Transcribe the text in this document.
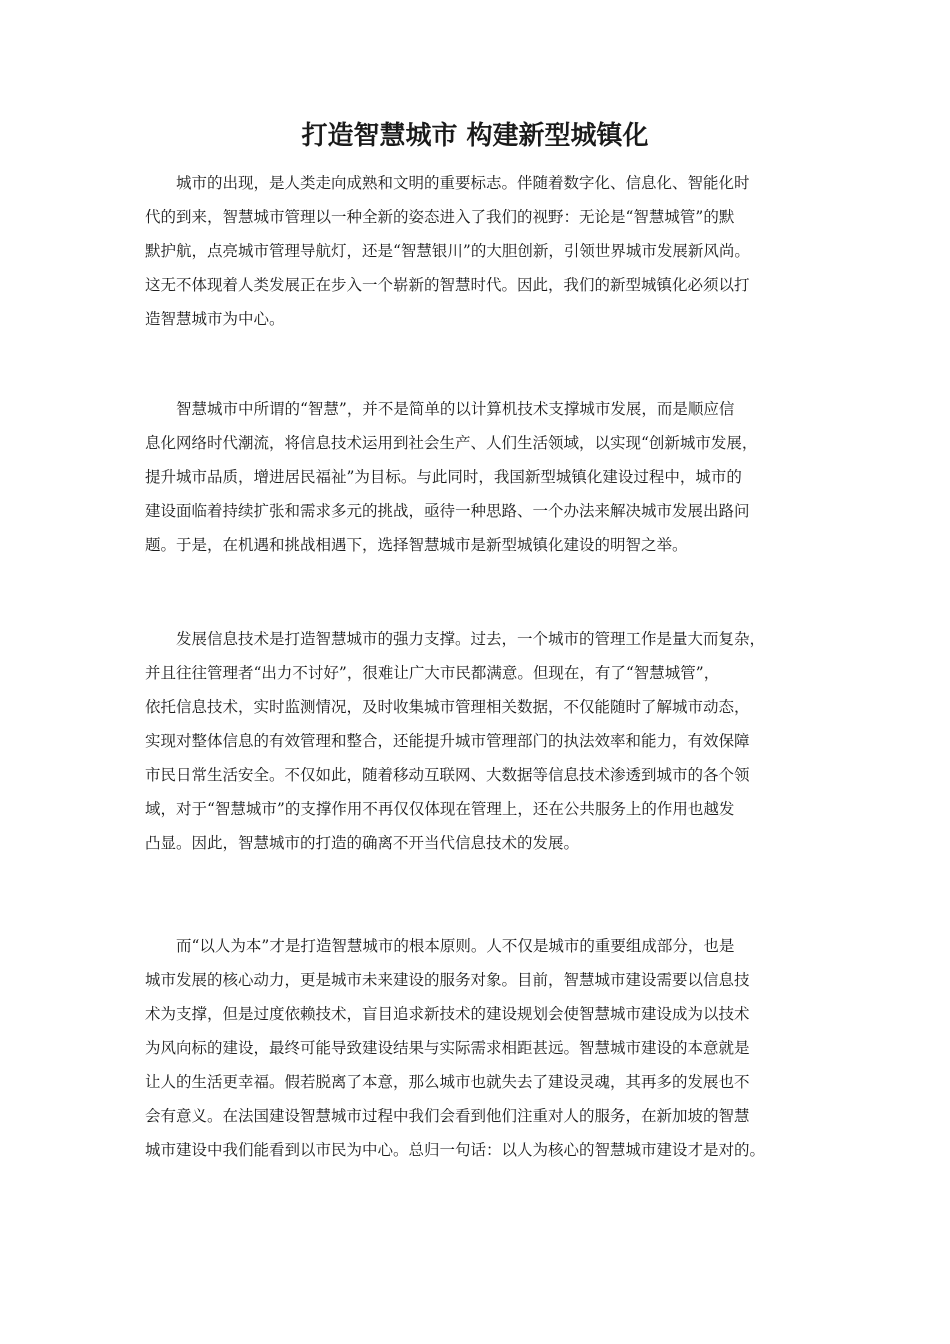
打造智慧城市 构建新型城镇化
城市的出现，是人类走向成熟和文明的重要标志。伴随着数字化、信息化、智能化时
代的到来，智慧城市管理以一种全新的姿态进入了我们的视野：无论是“智慧城管”的默
默护航，点亮城市管理导航灯，还是“智慧银川”的大胆创新，引领世界城市发展新风尚。
这无不体现着人类发展正在步入一个崭新的智慧时代。因此，我们的新型城镇化必须以打
造智慧城市为中心。
智慧城市中所谓的“智慧”，并不是简单的以计算机技术支撑城市发展，而是顺应信
息化网络时代潮流，将信息技术运用到社会生产、人们生活领域，以实现“创新城市发展，
提升城市品质，增进居民福祉”为目标。与此同时，我国新型城镇化建设过程中，城市的
建设面临着持续扩张和需求多元的挑战，亟待一种思路、一个办法来解决城市发展出路问
题。于是，在机遇和挑战相遇下，选择智慧城市是新型城镇化建设的明智之举。
发展信息技术是打造智慧城市的强力支撑。过去，一个城市的管理工作是量大而复杂，
并且往往管理者“出力不讨好”，很难让广大市民都满意。但现在，有了“智慧城管”，
依托信息技术，实时监测情况，及时收集城市管理相关数据，不仅能随时了解城市动态，
实现对整体信息的有效管理和整合，还能提升城市管理部门的执法效率和能力，有效保障
市民日常生活安全。不仅如此，随着移动互联网、大数据等信息技术渗透到城市的各个领
域，对于“智慧城市”的支撑作用不再仅仅体现在管理上，还在公共服务上的作用也越发
凸显。因此，智慧城市的打造的确离不开当代信息技术的发展。
而“以人为本”才是打造智慧城市的根本原则。人不仅是城市的重要组成部分，也是
城市发展的核心动力，更是城市未来建设的服务对象。目前，智慧城市建设需要以信息技
术为支撑，但是过度依赖技术，盲目追求新技术的建设规划会使智慧城市建设成为以技术
为风向标的建设，最终可能导致建设结果与实际需求相距甚远。智慧城市建设的本意就是
让人的生活更幸福。假若脱离了本意，那么城市也就失去了建设灵魂，其再多的发展也不
会有意义。在法国建设智慧城市过程中我们会看到他们注重对人的服务，在新加坡的智慧
城市建设中我们能看到以市民为中心。总归一句话：以人为核心的智慧城市建设才是对的。
